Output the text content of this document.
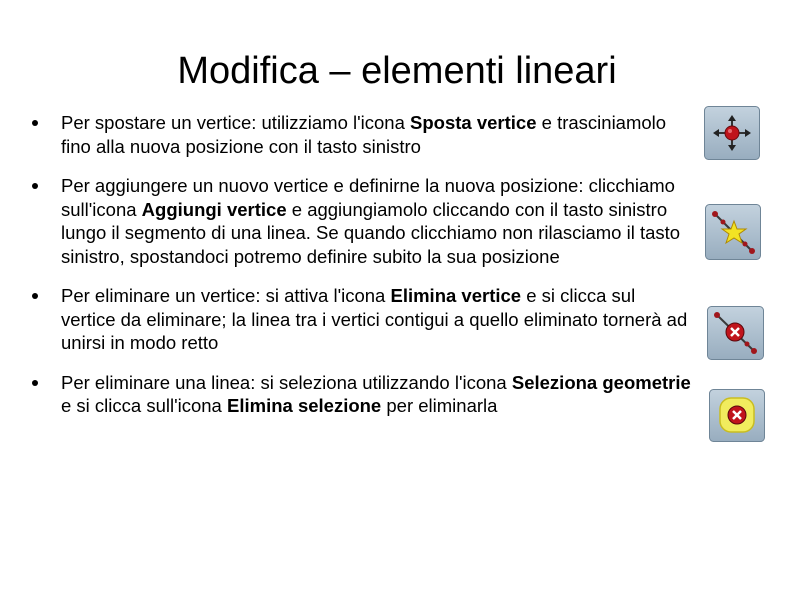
Modifica – elementi lineari
Per spostare un vertice: utilizziamo l'icona Sposta vertice e trasciniamolo fino alla nuova posizione con il tasto sinistro
Per aggiungere un nuovo vertice e definirne la nuova posizione: clicchiamo sull'icona Aggiungi vertice e aggiungiamolo cliccando con il tasto sinistro lungo il segmento di una linea. Se quando clicchiamo non rilasciamo il tasto sinistro, spostandoci potremo definire subito la sua posizione
Per eliminare un vertice: si attiva l'icona Elimina vertice e si clicca sul vertice da eliminare; la linea tra i vertici contigui a quello eliminato tornerà ad unirsi in modo retto
Per eliminare una linea: si seleziona utilizzando l'icona Seleziona geometrie e si clicca sull'icona Elimina selezione per eliminarla
